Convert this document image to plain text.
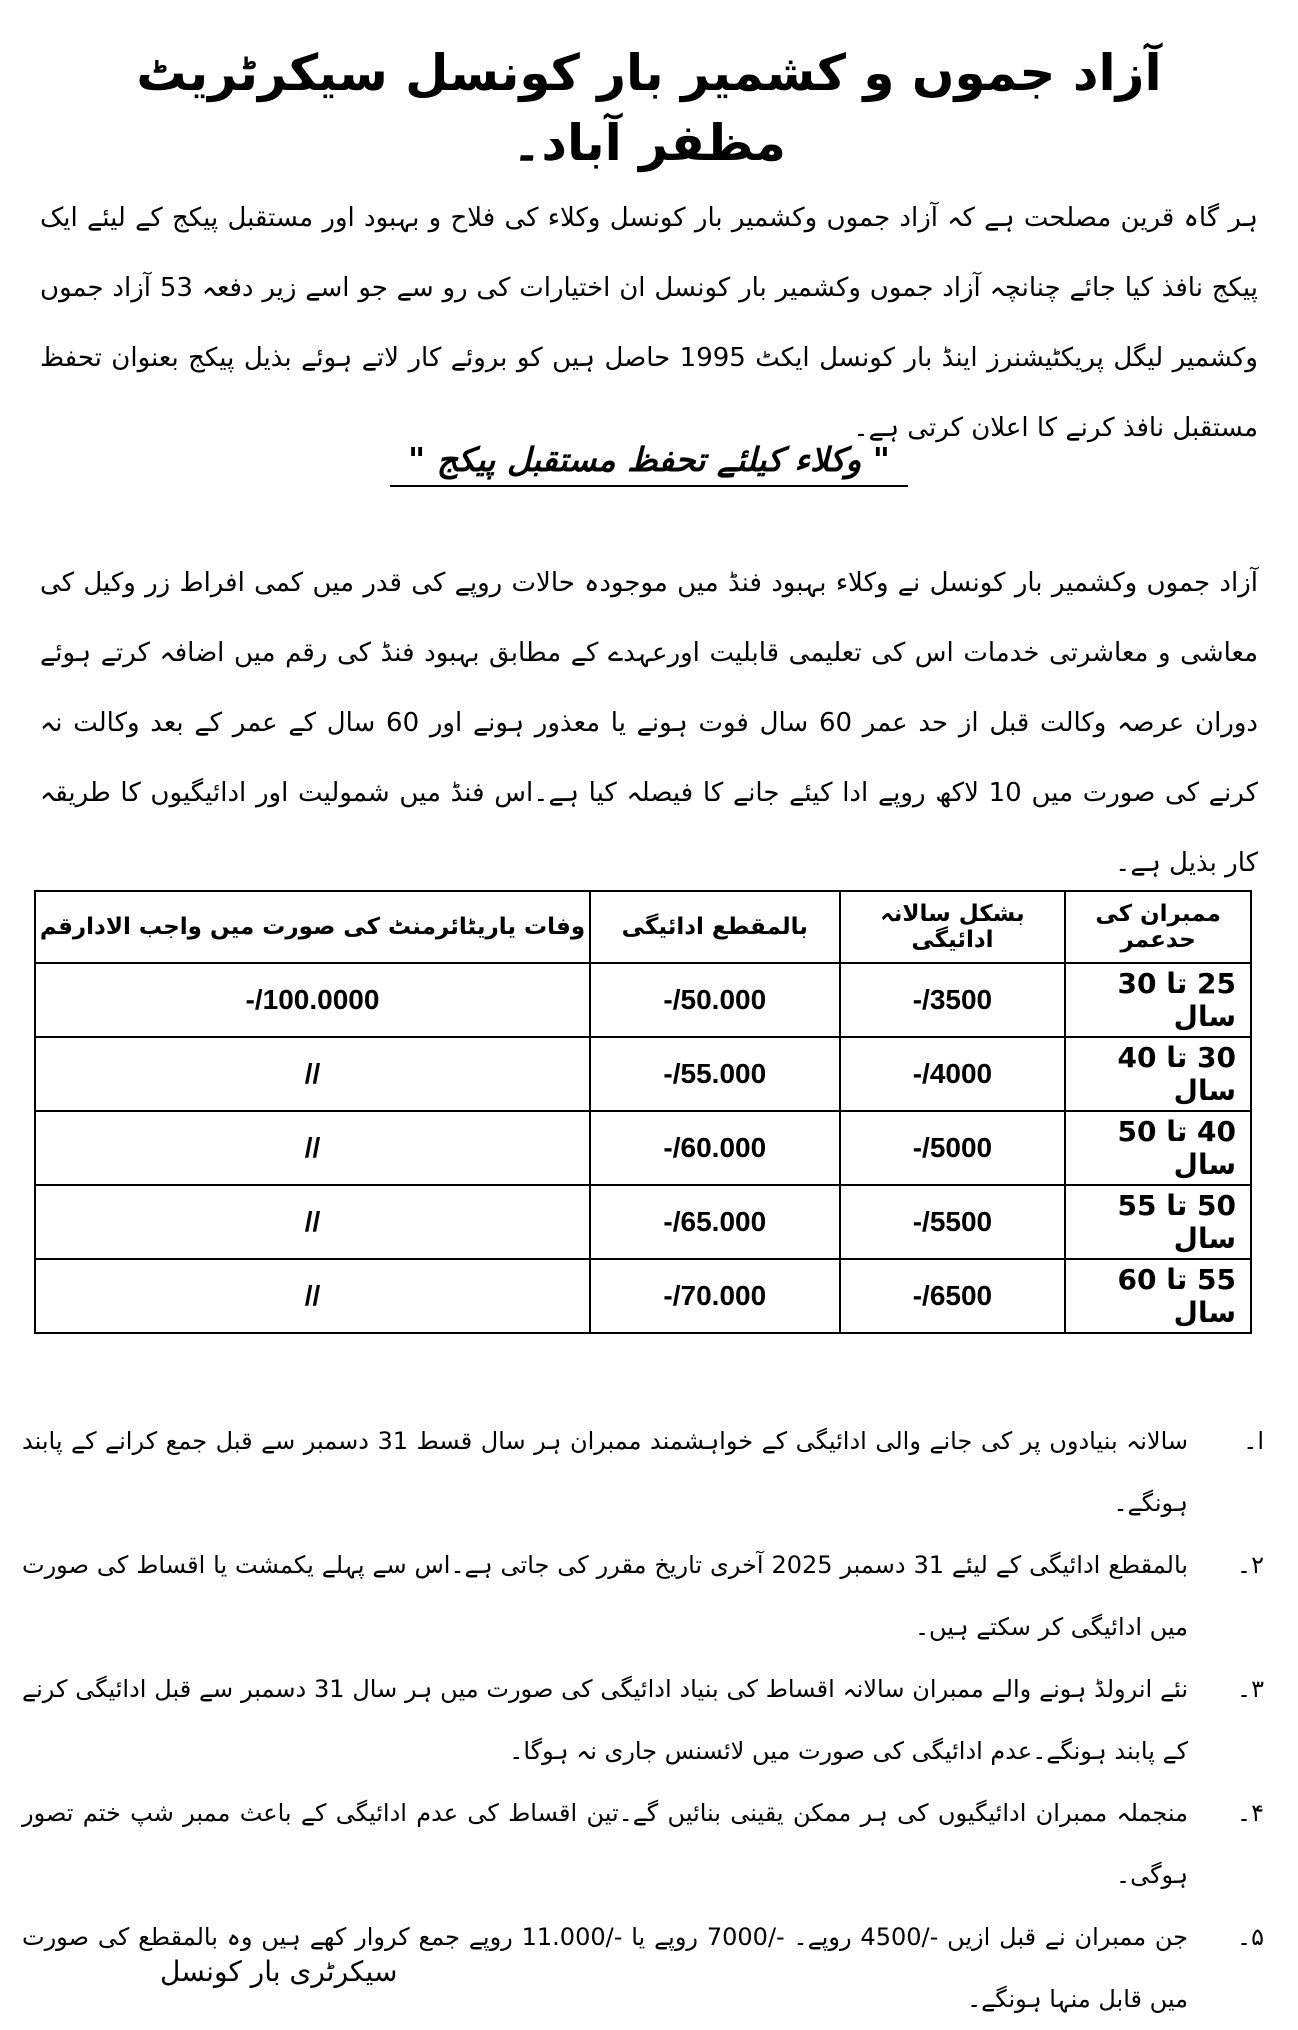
آزاد جموں و کشمیر بار کونسل سیکرٹریٹ مظفر آباد۔
ہر گاہ قرین مصلحت ہے کہ آزاد جموں وکشمیر بار کونسل وکلاء کی فلاح و بہبود اور مستقبل پیکج کے لیئے ایک پیکج نافذ کیا جائے چنانچہ آزاد جموں وکشمیر بار کونسل ان اختیارات کی رو سے جو اسے زیر دفعہ 53 آزاد جموں وکشمیر لیگل پریکٹیشنرز اینڈ بار کونسل ایکٹ 1995 حاصل ہیں کو بروئے کار لاتے ہوئے بذیل پیکج بعنوان تحفظ مستقبل نافذ کرنے کا اعلان کرتی ہے۔
" وکلاء کیلئے تحفظ مستقبل پیکج "
آزاد جموں وکشمیر بار کونسل نے وکلاء بہبود فنڈ میں موجودہ حالات روپے کی قدر میں کمی افراط زر وکیل کی معاشی و معاشرتی خدمات اس کی تعلیمی قابلیت اورعہدے کے مطابق بہبود فنڈ کی رقم میں اضافہ کرتے ہوئے دوران عرصہ وکالت قبل از حد عمر 60 سال فوت ہونے یا معذور ہونے اور 60 سال کے عمر کے بعد وکالت نہ کرنے کی صورت میں 10 لاکھ روپے ادا کیئے جانے کا فیصلہ کیا ہے۔اس فنڈ میں شمولیت اور ادائیگیوں کا طریقہ کار بذیل ہے۔
ممبران کی حدعمر	بشکل سالانہ ادائیگی	بالمقطع ادائیگی	وفات یاریٹائرمنٹ کی صورت میں واجب الادارقم
25 تا 30 سال	3500/-	50.000/-	100.0000/-
30 تا 40 سال	4000/-	55.000/-	//
40 تا 50 سال	5000/-	60.000/-	//
50 تا 55 سال	5500/-	65.000/-	//
55 تا 60 سال	6500/-	70.000/-	//
ا۔
سالانہ بنیادوں پر کی جانے والی ادائیگی کے خواہشمند ممبران ہر سال قسط 31 دسمبر سے قبل جمع کرانے کے پابند ہونگے۔
۲۔
بالمقطع ادائیگی کے لیئے 31 دسمبر 2025 آخری تاریخ مقرر کی جاتی ہے۔اس سے پہلے یکمشت یا اقساط کی صورت میں ادائیگی کر سکتے ہیں۔
۳۔
نئے انرولڈ ہونے والے ممبران سالانہ اقساط کی بنیاد ادائیگی کی صورت میں ہر سال 31 دسمبر سے قبل ادائیگی کرنے کے پابند ہونگے۔عدم ادائیگی کی صورت میں لائسنس جاری نہ ہوگا۔
۴۔
منجملہ ممبران ادائیگیوں کی ہر ممکن یقینی بنائیں گے۔تین اقساط کی عدم ادائیگی کے باعث ممبر شپ ختم تصور ہوگی۔
۵۔
جن ممبران نے قبل ازیں -/4500 روپے۔ -/7000 روپے یا -/11.000 روپے جمع کروار کھے ہیں وہ بالمقطع کی صورت میں قابل منہا ہونگے۔
سیکرٹری بار کونسل
